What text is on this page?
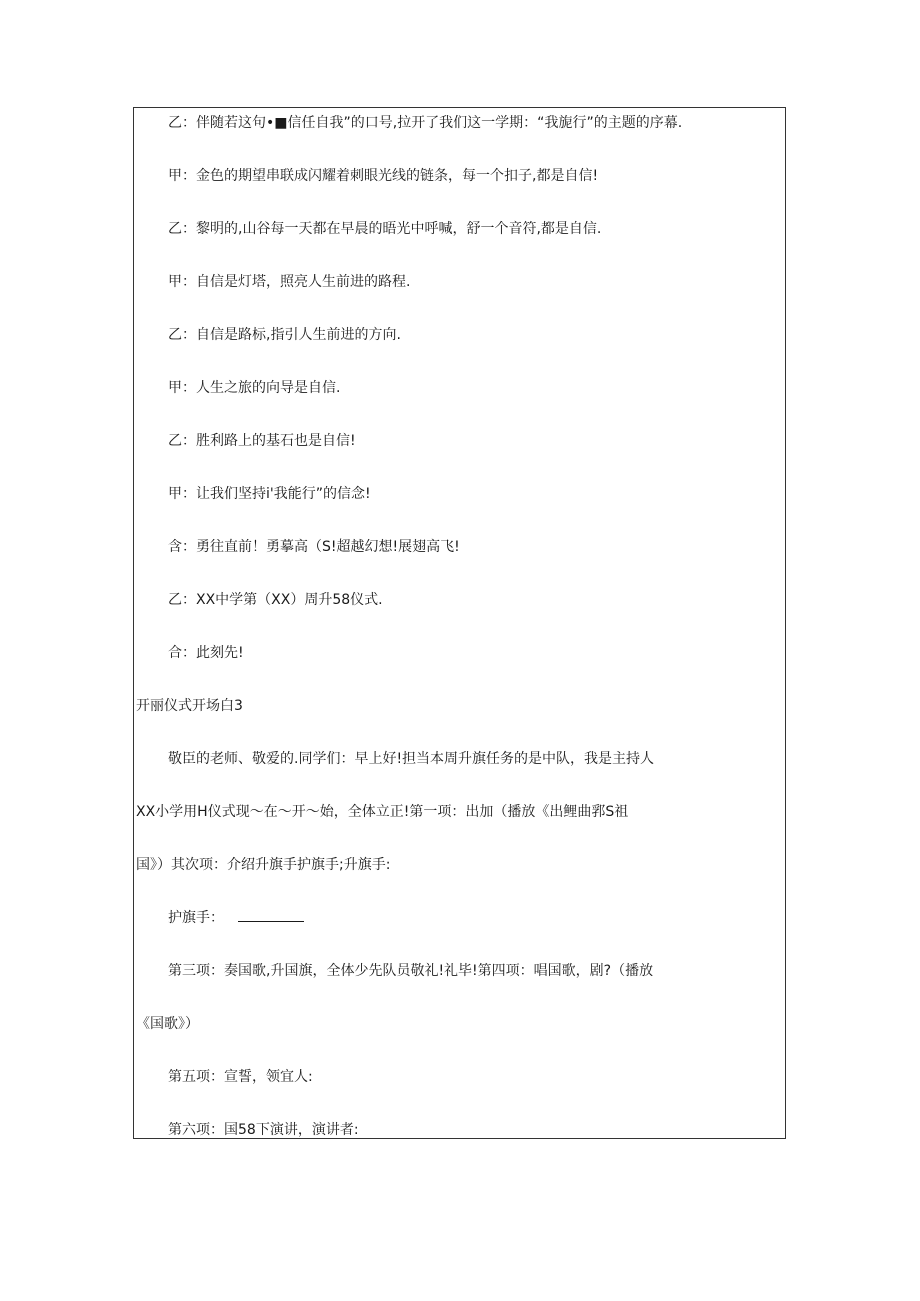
乙：伴随若这句•■信任自我”的口号,拉开了我们这一学期：“我旎行”的主题的序幕.
甲：金色的期望串联成闪耀着刺眼光线的链条，每一个扣子,都是自信!
乙：黎明的,山谷每一天都在早晨的晤光中呼喊，舒一个音符,都是自信.
甲：自信是灯塔，照亮人生前进的路程.
乙：自信是路标,指引人生前进的方向.
甲：人生之旅的向导是自信.
乙：胜利路上的基石也是自信!
甲：让我们坚持i'我能行”的信念!
含：勇往直前！勇摹高（S!超越幻想!展翅高飞!
乙：XX中学第（XX）周升58仪式.
合：此刻先!
开丽仪式开场白3
敬臣的老师、敬爱的.同学们：早上好!担当本周升旗任务的是中队，我是主持人
XX小学用H仪式现〜在〜开〜始，全体立正!第一项：出加（播放《出鲤曲郛S祖
国》）其次项：介绍升旗手护旗手;升旗手:
护旗手：
第三项：奏国歌,升国旗，全体少先队员敬礼!礼毕!第四项：唱国歌，剧?（播放
《国歌》）
第五项：宣誓，领宜人:
第六项：国58下演讲，演讲者:
